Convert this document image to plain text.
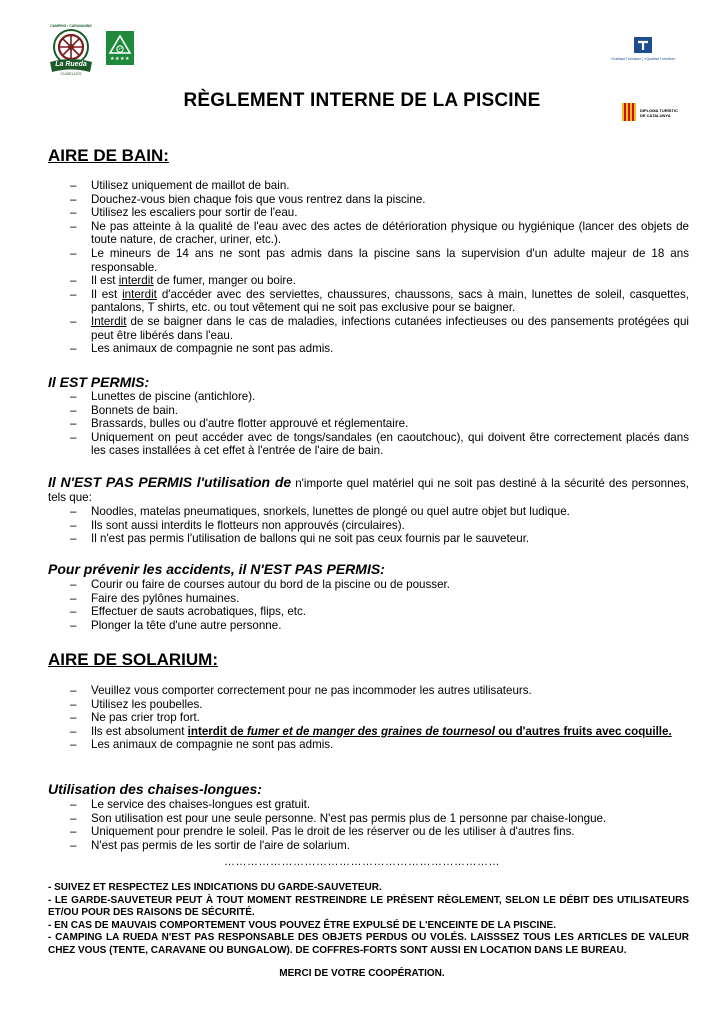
CAMPING • CARAVANING
La Rueda
CUBELLES
1ª
★★★★	«Calidad Turística» | «Qualitat Turística»
DIPLOMA TURÍSTIC
DE CATALUNYA
RÈGLEMENT INTERNE DE LA PISCINE
AIRE DE BAIN:
– Utilisez uniquement de maillot de bain.
– Douchez-vous bien chaque fois que vous rentrez dans la piscine.
– Utilisez les escaliers pour sortir de l'eau.
– Ne pas atteinte à la qualité de l'eau avec des actes de détérioration physique ou hygiénique (lancer des objets de toute nature, de cracher, uriner, etc.).
– Le mineurs de 14 ans ne sont pas admis dans la piscine sans la supervision d'un adulte majeur de 18 ans responsable.
– Il est interdit de fumer, manger ou boire.
– Il est interdit d'accéder avec des serviettes, chaussures, chaussons, sacs à main, lunettes de soleil, casquettes, pantalons, T shirts, etc. ou tout vêtement qui ne soit pas exclusive pour se baigner.
– Interdit de se baigner dans le cas de maladies, infections cutanées infectieuses ou des pansements protégées qui peut être libérés dans l'eau.
– Les animaux de compagnie ne sont pas admis.
Il EST PERMIS:
– Lunettes de piscine (antichlore).
– Bonnets de bain.
– Brassards, bulles ou d'autre flotter approuvé et réglementaire.
– Uniquement on peut accéder avec de tongs/sandales (en caoutchouc), qui doivent être correctement placés dans les cases installées à cet effet à l'entrée de l'aire de bain.
Il N'EST PAS PERMIS l'utilisation de n'importe quel matériel qui ne soit pas destiné à la sécurité des personnes, tels que:
– Noodles, matelas pneumatiques, snorkels, lunettes de plongé ou quel autre objet but ludique.
– Ils sont aussi interdits le flotteurs non approuvés (circulaires).
– Il n'est pas permis l'utilisation de ballons qui ne soit pas ceux fournis par le sauveteur.
Pour prévenir les accidents, il N'EST PAS PERMIS:
– Courir ou faire de courses autour du bord de la piscine ou de pousser.
– Faire des pylônes humaines.
– Effectuer de sauts acrobatiques, flips, etc.
– Plonger la tête d'une autre personne.
AIRE DE SOLARIUM:
– Veuillez vous comporter correctement pour ne pas incommoder les autres utilisateurs.
– Utilisez les poubelles.
– Ne pas crier trop fort.
– Ils est absolument interdit de fumer et de manger des graines de tournesol ou d'autres fruits avec coquille.
– Les animaux de compagnie ne sont pas admis.
Utilisation des chaises-longues:
– Le service des chaises-longues est gratuit.
– Son utilisation est pour une seule personne. N'est pas permis plus de 1 personne par chaise-longue.
– Uniquement pour prendre le soleil. Pas le droit de les réserver ou de les utiliser à d'autres fins.
– N'est pas permis de les sortir de l'aire de solarium.
………………………………………………………………
- SUIVEZ ET RESPECTEZ LES INDICATIONS DU GARDE-SAUVETEUR.
- LE GARDE-SAUVETEUR PEUT À TOUT MOMENT RESTREINDRE LE PRÉSENT RÈGLEMENT, SELON LE DÉBIT DES UTILISATEURS ET/OU POUR DES RAISONS DE SÉCURITÉ.
- EN CAS DE MAUVAIS COMPORTEMENT VOUS POUVEZ ÊTRE EXPULSÉ DE L'ENCEINTE DE LA PISCINE.
- CAMPING LA RUEDA N'EST PAS RESPONSABLE DES OBJETS PERDUS OU VOLÉS. LAISSSEZ TOUS LES ARTICLES DE VALEUR CHEZ VOUS (TENTE, CARAVANE OU BUNGALOW). DE COFFRES-FORTS SONT AUSSI EN LOCATION DANS LE BUREAU.
MERCI DE VOTRE COOPÉRATION.
